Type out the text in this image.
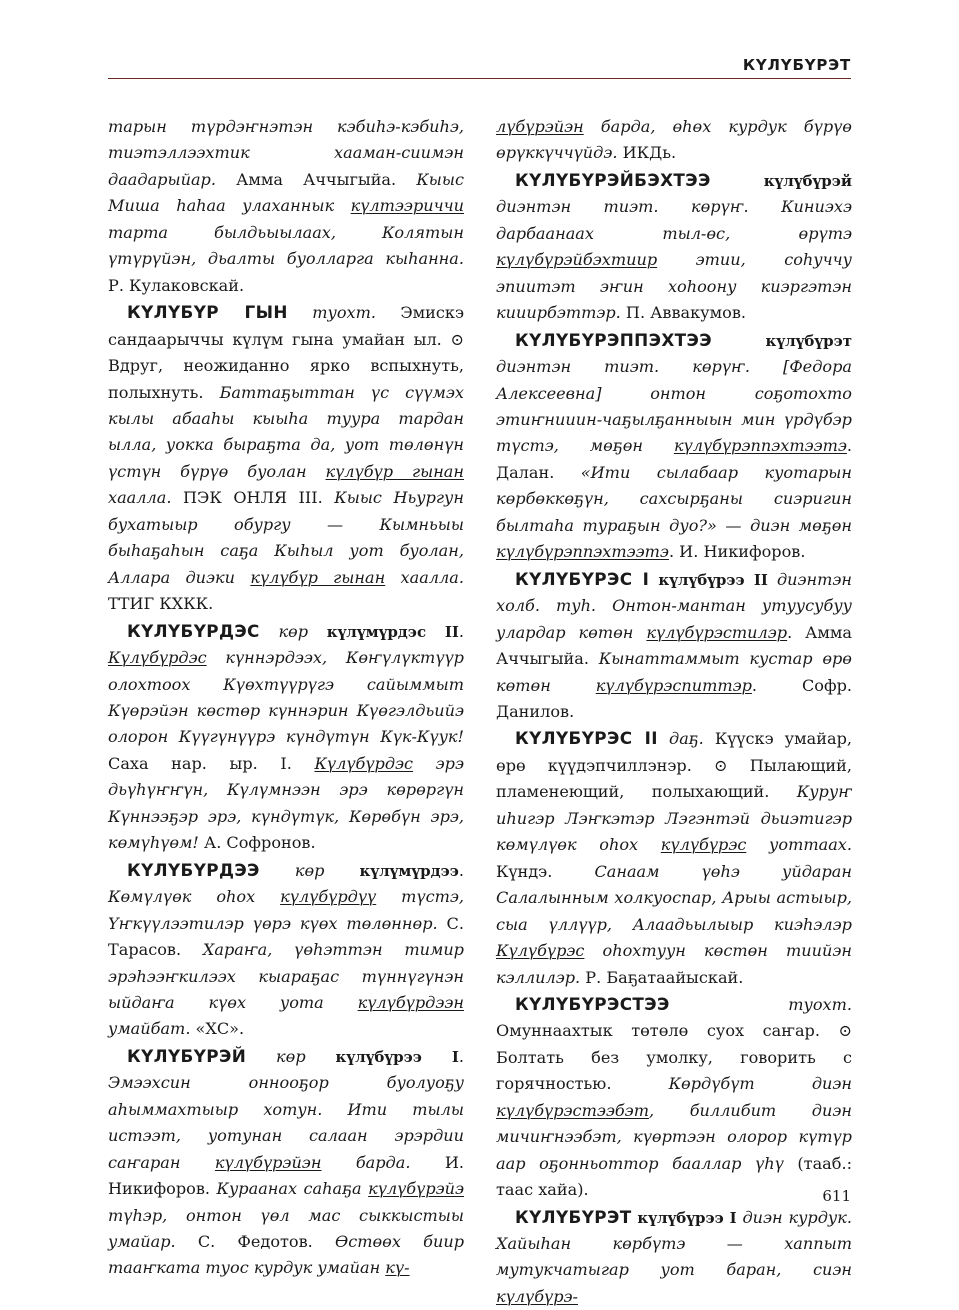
КҮЛҮБҮРЭТ

тарын түрдэҥнэтэн кэбиһэ-кэбиһэ, тиэтэллээхтик хааман-сиимэн даадарыйар. Амма Аччыгыйа. Кыыс Миша һаһаа улаханнык күлтээриччи тарта былдьыылаах, Колятын үтүрүйэн, дьалты буолларга кыһанна. Р. Кулаковскай.

КҮЛҮБҮР ГЫН туохт. Эмискэ сандаарыччы күлүм гына умайан ыл. ⊙ Вдруг, неожиданно ярко вспыхнуть, полыхнуть. Баттаҕыттан үс сүүмэх кылы абааһы кыыһа туура тардан ылла, уокка быраҕта да, уот төлөнүн үстүн бүрүө буолан күлүбүр гынан хаалла. ПЭК ОНЛЯ III. Кыыс Ньургун бухатыыр обургу — Кымньыы быһаҕаһын саҕа Кыһыл уот буолан, Аллара диэки күлүбүр гынан хаалла. ТТИГ КХКК.

КҮЛҮБҮРДЭС көр күлүмүрдэс II. Күлүбүрдэс күннэрдээх, Көҥүлүктүүр олохтоох Күөхтүүрүгэ сайыммыт Күөрэйэн көстөр күннэрин Күөгэлдьийэ олорон Күүгүнүүрэ күндүтүн Күк-Күук! Саха нар. ыр. I. Күлүбүрдэс эрэ дьүһүҥҥүн, Күлүмнээн эрэ көрөргүн Күннээҕэр эрэ, күндүтүк, Көрөбүн эрэ, көмүһүөм! А. Софронов.

КҮЛҮБҮРДЭЭ көр күлүмүрдээ. Көмүлүөк оһох күлүбүрдүү түстэ, Үҥкүүлээтилэр үөрэ күөх төлөннөр. С. Тарасов. Хараҥа, үөһэттэн тимир эрэһээҥкилээх кыараҕас түннүгүнэн ыйдаҥа күөх уота күлүбүрдээн умайбат. «ХС».

КҮЛҮБҮРЭЙ көр күлүбүрээ I. Эмээхсин оннооҕор буолуоҕу аһыммахтыыр хотун. Ити тылы истээт, уотунан салаан эрэрдии саҥаран күлүбүрэйэн барда. И. Никифоров. Кураанах саһаҕа күлүбүрэйэ түһэр, онтон үөл мас сыккыстыы умайар. С. Федотов. Өстөөх биир тааҥката туос курдук умайан кү-

лүбүрэйэн барда, өһөх курдук бүрүө өрүккүччүйдэ. ИКДь.

КҮЛҮБҮРЭЙБЭХТЭЭ	күлүбүрэй диэнтэн тиэт. көрүҥ. Киниэхэ дарбаанаах тыл-өс, өрүтэ күлүбүрэйбэхтиир этии, соһуччу эпиитэт эҥин хоһоону киэргэтэн кииирбэттэр. П. Аввакумов.

КҮЛҮБҮРЭППЭХТЭЭ	күлүбүрэт диэнтэн тиэт. көрүҥ. [Федора Алексеевна] онтон соҕотохто этиҥнииин-чаҕылҕанныын мин үрдүбэр түстэ, мөҕөн күлүбүрэппэхтээтэ. Далан. «Ити сылабаар куотарын көрбөккөҕүн, сахсырҕаны сиэригин былтаһа тураҕын дуо?» — диэн мөҕөн күлүбүрэппэхтээтэ. И. Никифоров.

КҮЛҮБҮРЭС I күлүбүрээ II диэнтэн холб. туһ. Онтон-мантан утуусубуу улардар көтөн күлүбүрэстилэр. Амма Аччыгыйа. Кынаттаммыт кустар өрө көтөн күлүбүрэспиттэр. Софр. Данилов.

КҮЛҮБҮРЭС II даҕ. Күүскэ умайар, өрө күүдэпчиллэнэр. ⊙ Пылающий, пламенеющий, полыхающий. Куруҥ иһигэр Лэҥкэтэр Лэгэнтэй дьиэтигэр көмүлүөк оһох күлүбүрэс уоттаах. Күндэ. Санаам үөһэ уйдаран Салалынным холкуоспар, Арыы астыыр, сыа үллүүр, Алаадьылыыр киэһэлэр Күлүбүрэс оһохтуун көстөн тиийэн кэллилэр. Р. Баҕатаайыскай.

КҮЛҮБҮРЭСТЭЭ туохт. Омуннаахтык төтөлө суох саҥар. ⊙ Болтать без умолку, говорить с горячностью. Көрдүбүт диэн күлүбүрэстээбэт, биллибит диэн мичиҥнээбэт, күөртээн олорор күтүр аар оҕонньоттор бааллар үһү (тааб.: таас хайа).

КҮЛҮБҮРЭТ күлүбүрээ I диэн курдук. Хайыһан көрбүтэ — хаппыт мутукчатыгар уот баран, сиэн күлүбүрэ-

611
